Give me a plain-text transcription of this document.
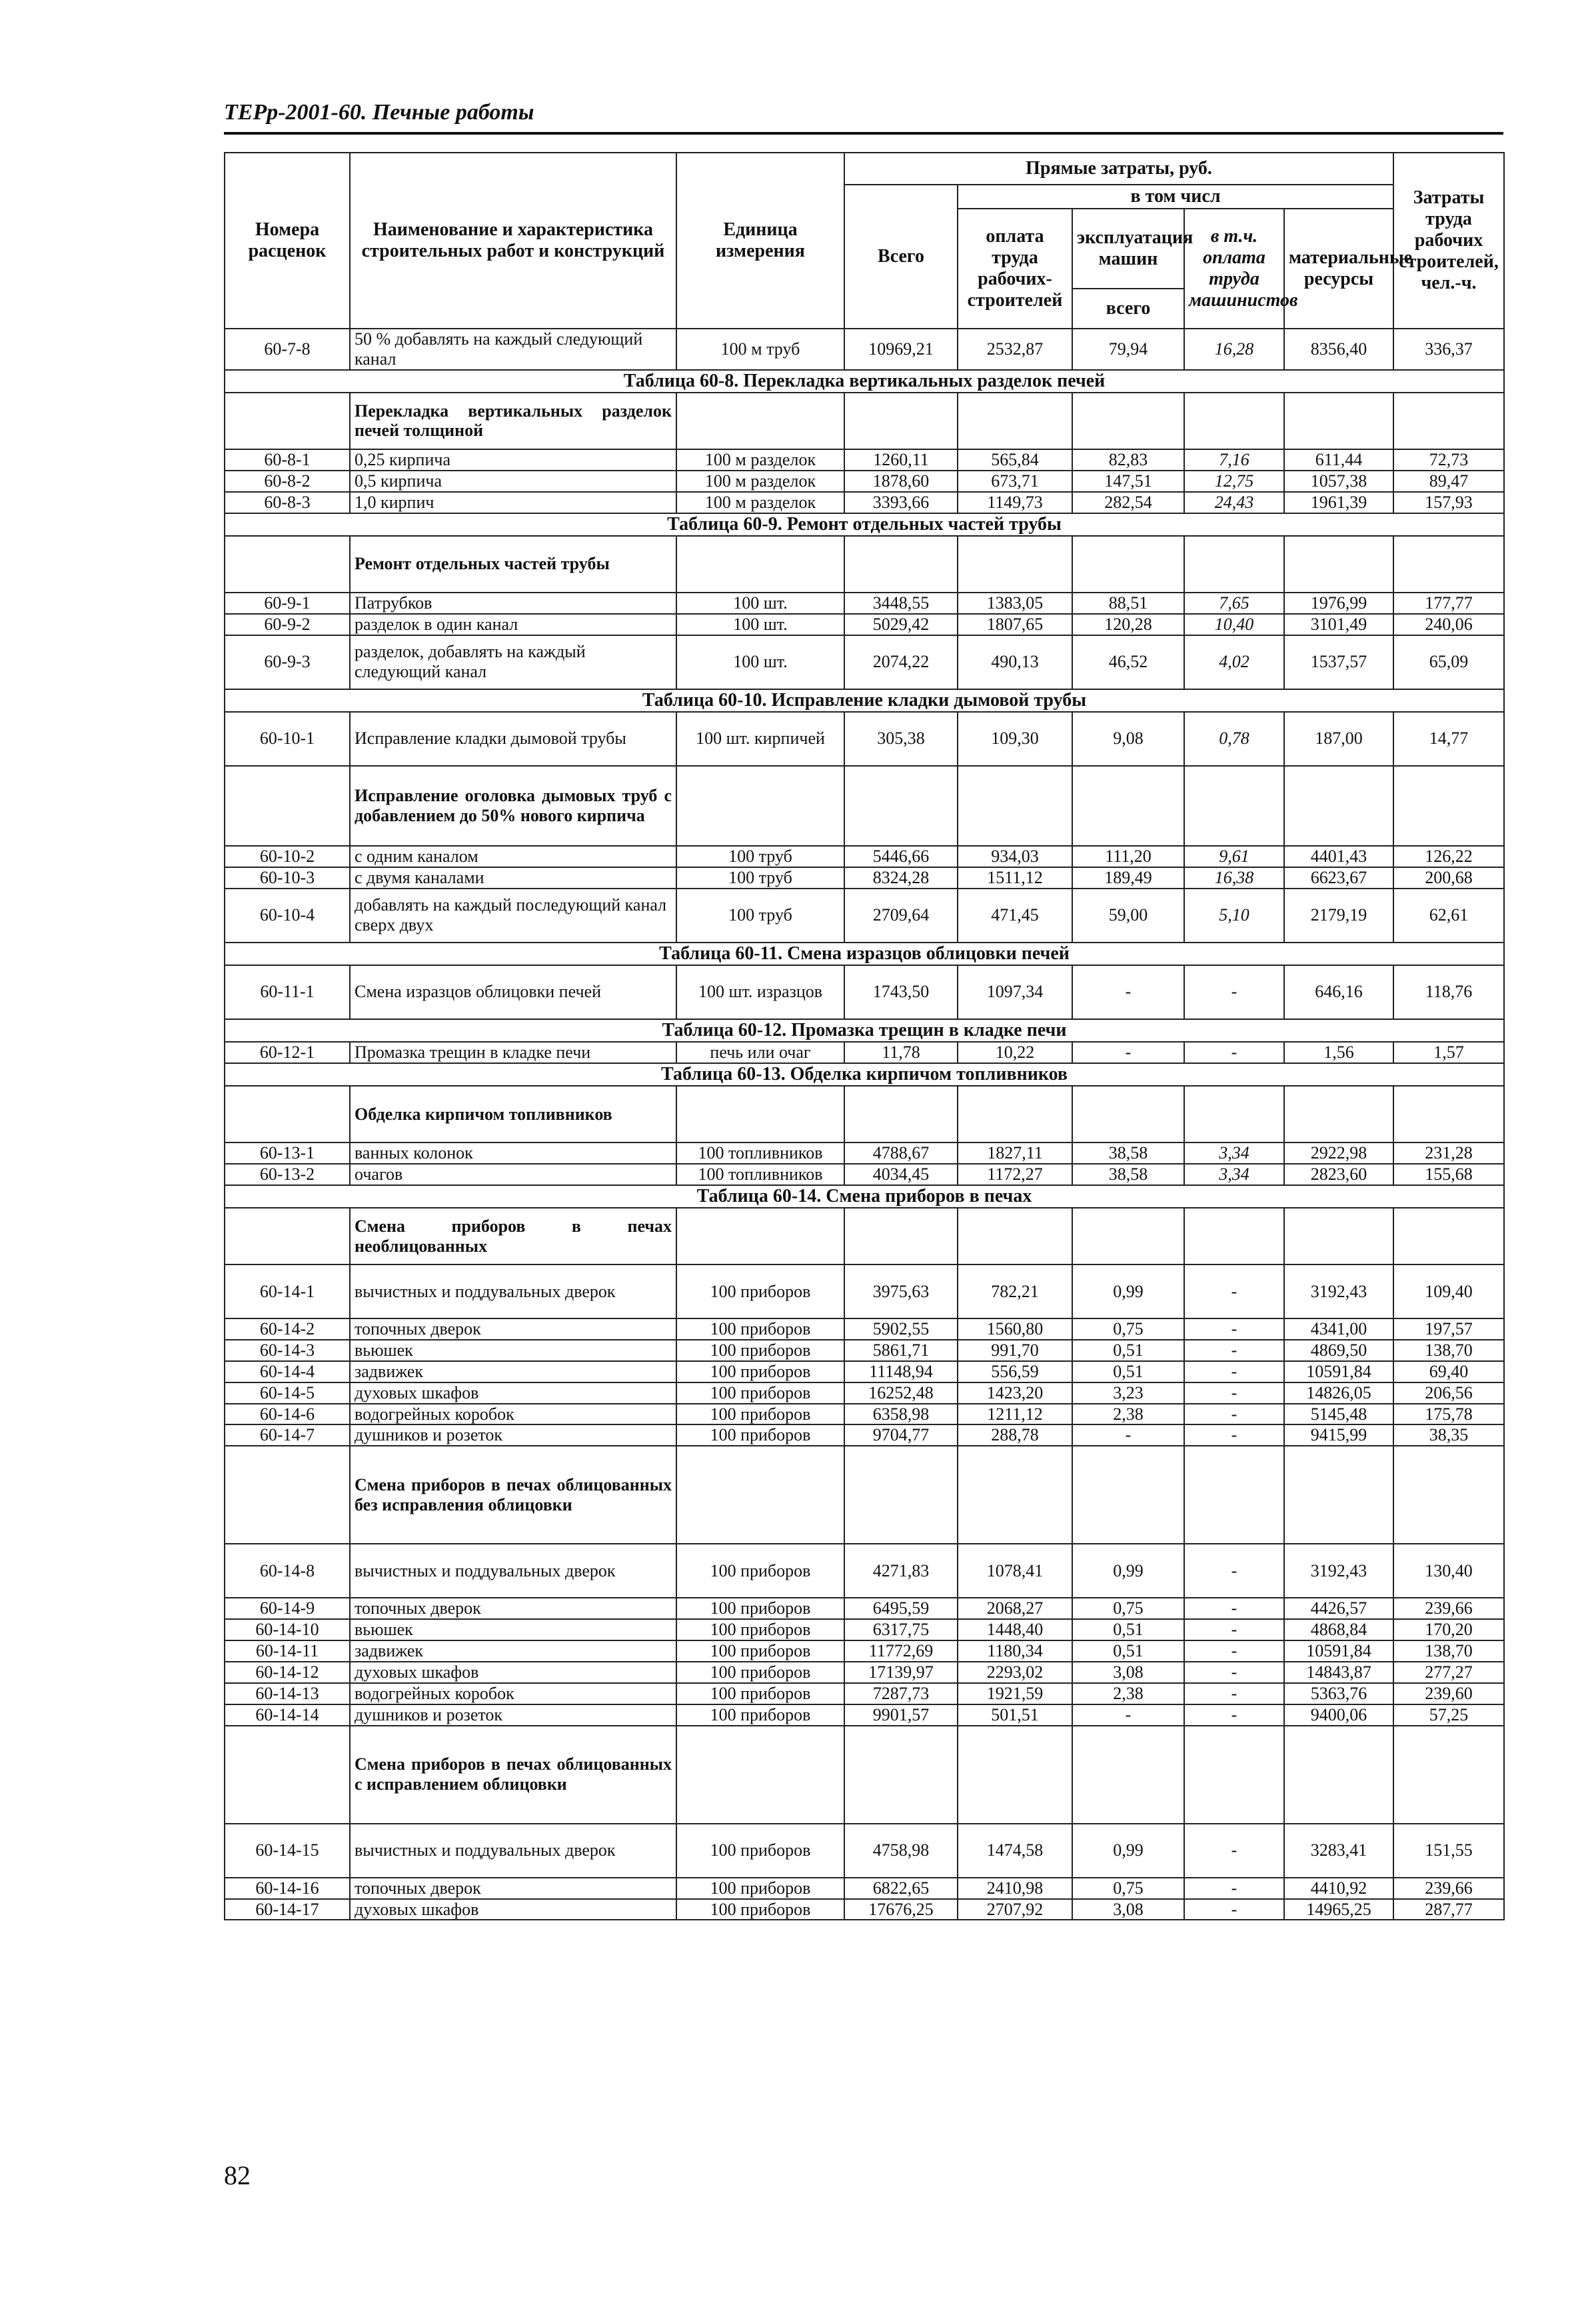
ТЕРр-2001-60. Печные работы
Номера расценок	Наименование и характеристика строительных работ и конструкций	Единица измерения	Прямые затраты, руб.					Затраты труда рабочих строителей, чел.-ч.
			Всего	в том числ				
				оплата труда рабочих-строителей	эксплуатация машин	в т.ч. оплата труда машинистов	материальные ресурсы	
					всего			
60-7-8	50 % добавлять на каждый следующий канал	100 м труб	10969,21	2532,87	79,94	16,28	8356,40	336,37
Таблица 60-8. Перекладка вертикальных разделок печей								
	Перекладка вертикальных разделок печей толщиной							
60-8-1	0,25 кирпича	100 м разделок	1260,11	565,84	82,83	7,16	611,44	72,73
60-8-2	0,5 кирпича	100 м разделок	1878,60	673,71	147,51	12,75	1057,38	89,47
60-8-3	1,0 кирпич	100 м разделок	3393,66	1149,73	282,54	24,43	1961,39	157,93
Таблица 60-9. Ремонт отдельных частей трубы								
	Ремонт отдельных частей трубы							
60-9-1	Патрубков	100 шт.	3448,55	1383,05	88,51	7,65	1976,99	177,77
60-9-2	разделок в один канал	100 шт.	5029,42	1807,65	120,28	10,40	3101,49	240,06
60-9-3	разделок, добавлять на каждый следующий канал	100 шт.	2074,22	490,13	46,52	4,02	1537,57	65,09
Таблица 60-10. Исправление кладки дымовой трубы								
60-10-1	Исправление кладки дымовой трубы	100 шт. кирпичей	305,38	109,30	9,08	0,78	187,00	14,77
	Исправление оголовка дымовых труб с добавлением до 50% нового кирпича							
60-10-2	с одним каналом	100 труб	5446,66	934,03	111,20	9,61	4401,43	126,22
60-10-3	с двумя каналами	100 труб	8324,28	1511,12	189,49	16,38	6623,67	200,68
60-10-4	добавлять на каждый последующий канал сверх двух	100 труб	2709,64	471,45	59,00	5,10	2179,19	62,61
Таблица 60-11. Смена изразцов облицовки печей								
60-11-1	Смена изразцов облицовки печей	100 шт. изразцов	1743,50	1097,34	-	-	646,16	118,76
Таблица 60-12. Промазка трещин в кладке печи								
60-12-1	Промазка трещин в кладке печи	печь или очаг	11,78	10,22	-	-	1,56	1,57
Таблица 60-13. Обделка кирпичом топливников								
	Обделка кирпичом топливников							
60-13-1	ванных колонок	100 топливников	4788,67	1827,11	38,58	3,34	2922,98	231,28
60-13-2	очагов	100 топливников	4034,45	1172,27	38,58	3,34	2823,60	155,68
Таблица 60-14. Смена приборов в печах								
	Смена приборов в печах необлицованных							
60-14-1	вычистных и поддувальных дверок	100 приборов	3975,63	782,21	0,99	-	3192,43	109,40
60-14-2	топочных дверок	100 приборов	5902,55	1560,80	0,75	-	4341,00	197,57
60-14-3	вьюшек	100 приборов	5861,71	991,70	0,51	-	4869,50	138,70
60-14-4	задвижек	100 приборов	11148,94	556,59	0,51	-	10591,84	69,40
60-14-5	духовых шкафов	100 приборов	16252,48	1423,20	3,23	-	14826,05	206,56
60-14-6	водогрейных коробок	100 приборов	6358,98	1211,12	2,38	-	5145,48	175,78
60-14-7	душников и розеток	100 приборов	9704,77	288,78	-	-	9415,99	38,35
	Смена приборов в печах облицованных без исправления облицовки							
60-14-8	вычистных и поддувальных дверок	100 приборов	4271,83	1078,41	0,99	-	3192,43	130,40
60-14-9	топочных дверок	100 приборов	6495,59	2068,27	0,75	-	4426,57	239,66
60-14-10	вьюшек	100 приборов	6317,75	1448,40	0,51	-	4868,84	170,20
60-14-11	задвижек	100 приборов	11772,69	1180,34	0,51	-	10591,84	138,70
60-14-12	духовых шкафов	100 приборов	17139,97	2293,02	3,08	-	14843,87	277,27
60-14-13	водогрейных коробок	100 приборов	7287,73	1921,59	2,38	-	5363,76	239,60
60-14-14	душников и розеток	100 приборов	9901,57	501,51	-	-	9400,06	57,25
	Смена приборов в печах облицованных с исправлением облицовки							
60-14-15	вычистных и поддувальных дверок	100 приборов	4758,98	1474,58	0,99	-	3283,41	151,55
60-14-16	топочных дверок	100 приборов	6822,65	2410,98	0,75	-	4410,92	239,66
60-14-17	духовых шкафов	100 приборов	17676,25	2707,92	3,08	-	14965,25	287,77
82
